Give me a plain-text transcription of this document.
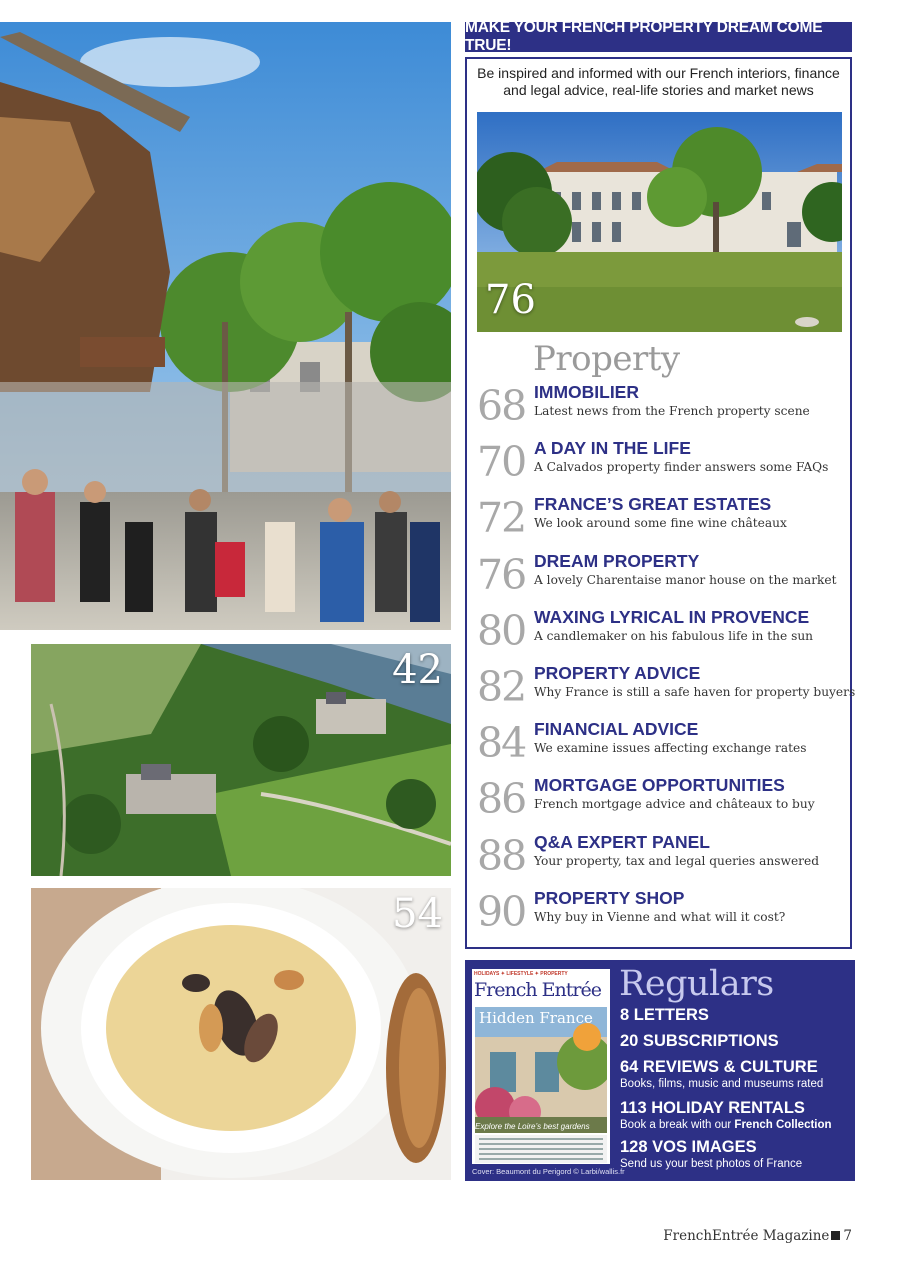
42
54
MAKE YOUR FRENCH PROPERTY DREAM COME TRUE!
Be inspired and informed with our French interiors, finance
and legal advice, real-life stories and market news
76
Property
68 IMMOBILIER
Latest news from the French property scene
70 A DAY IN THE LIFE
A Calvados property finder answers some FAQs
72 FRANCE’S GREAT ESTATES
We look around some fine wine châteaux
76 DREAM PROPERTY
A lovely Charentaise manor house on the market
80 WAXING LYRICAL IN PROVENCE
A candlemaker on his fabulous life in the sun
82 PROPERTY ADVICE
Why France is still a safe haven for property buyers
84 FINANCIAL ADVICE
We examine issues affecting exchange rates
86 MORTGAGE OPPORTUNITIES
French mortgage advice and châteaux to buy
88 Q&A EXPERT PANEL
Your property, tax and legal queries answered
90 PROPERTY SHOP
Why buy in Vienne and what will it cost?
HOLIDAYS ✦ LIFESTYLE ✦ PROPERTY
French Entrée
Hidden France
Explore the Loire’s best gardens
Cover: Beaumont du Perigord © Larbi/wallis.fr
Regulars
8 LETTERS
20 SUBSCRIPTIONS
64 REVIEWS & CULTURE
Books, films, music and museums rated
113 HOLIDAY RENTALS
Book a break with our French Collection
128 VOS IMAGES
Send us your best photos of France
FrenchEntrée Magazine 7
